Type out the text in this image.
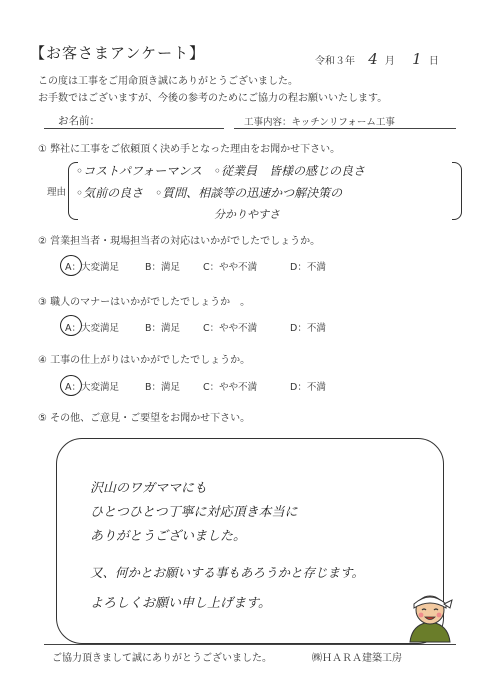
【お客さまアンケート】	令和３年 4 月 1 日
この度は工事をご用命頂き誠にありがとうございました。
お手数ではございますが、今後の参考のためにご協力の程お願いいたします。
お名前：	工事内容：キッチンリフォーム工事
① 弊社に工事をご依頼頂く決め手となった理由をお聞かせ下さい。
理由
◦コストパフォーマンス　◦従業員　皆様の感じの良さ
◦気前の良さ　◦質問、相談等の迅速かつ解決策の
分かりやすさ
② 営業担当者・現場担当者の対応はいかがでしたでしょうか。
A：大変満足	B：満足 C：やや不満	D：不満
③ 職人のマナーはいかがでしたでしょうか　。
A：大変満足	B：満足 C：やや不満	D：不満
④ 工事の仕上がりはいかがでしたでしょうか。
A：大変満足	B：満足 C：やや不満	D：不満
⑤ その他、ご意見・ご要望をお聞かせ下さい。
沢山のワガママにも
ひとつひとつ丁寧に対応頂き本当に
ありがとうございました。
又、何かとお願いする事もあろうかと存じます。
よろしくお願い申し上げます。
ご協力頂きまして誠にありがとうございました。	㈱ＨＡＲＡ建築工房
